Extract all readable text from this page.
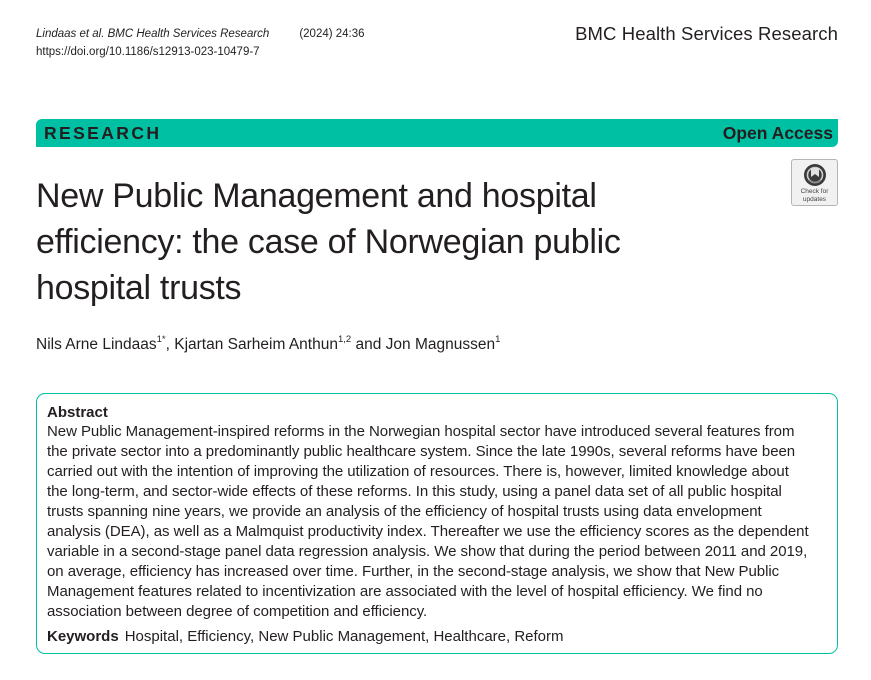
Lindaas et al. BMC Health Services Research	(2024) 24:36
https://doi.org/10.1186/s12913-023-10479-7
BMC Health Services Research
RESEARCH	Open Access
New Public Management and hospital efficiency: the case of Norwegian public hospital trusts
Check for
updates
Nils Arne Lindaas$^{1*}$, Kjartan Sarheim Anthun$^{1,2}$ and Jon Magnussen$^1$
Abstract
New Public Management-inspired reforms in the Norwegian hospital sector have introduced several features from
the private sector into a predominantly public healthcare system. Since the late 1990s, several reforms have been
carried out with the intention of improving the utilization of resources. There is, however, limited knowledge about
the long-term, and sector-wide effects of these reforms. In this study, using a panel data set of all public hospital
trusts spanning nine years, we provide an analysis of the efficiency of hospital trusts using data envelopment
analysis (DEA), as well as a Malmquist productivity index. Thereafter we use the efficiency scores as the dependent
variable in a second-stage panel data regression analysis. We show that during the period between 2011 and 2019,
on average, efficiency has increased over time. Further, in the second-stage analysis, we show that New Public
Management features related to incentivization are associated with the level of hospital efficiency. We find no
association between degree of competition and efficiency.
Keywords Hospital, Efficiency, New Public Management, Healthcare, Reform
